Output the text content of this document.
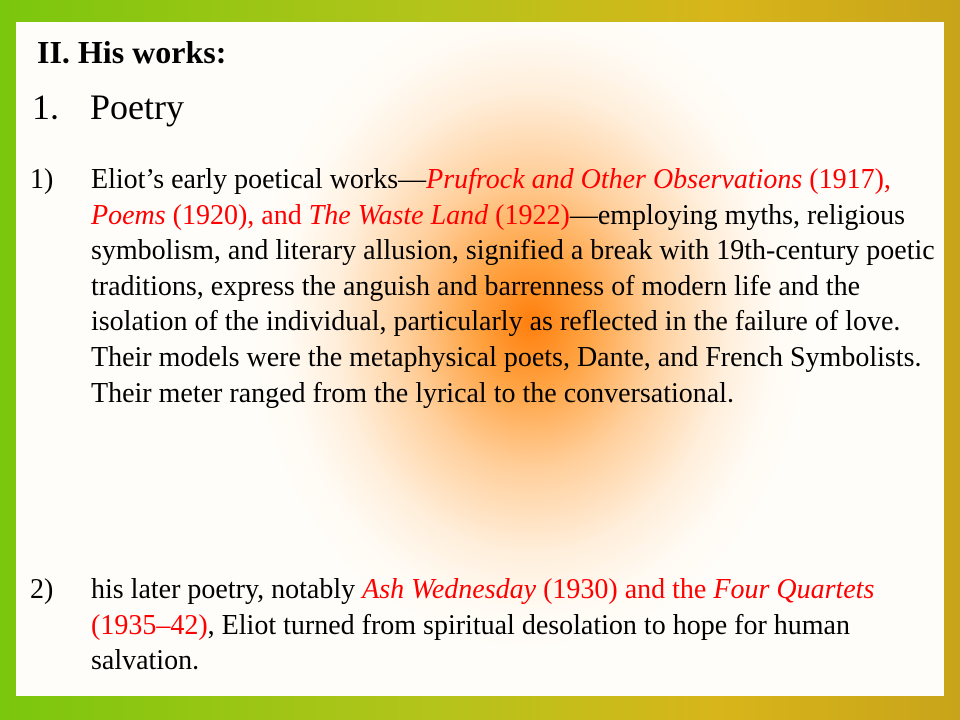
II. His works:
1. Poetry
1) Eliot’s early poetical works—Prufrock and Other Observations (1917), Poems (1920), and The Waste Land (1922)—employing myths, religious symbolism, and literary allusion, signified a break with 19th-century poetic traditions, express the anguish and barrenness of modern life and the isolation of the individual, particularly as reflected in the failure of love. Their models were the metaphysical poets, Dante, and French Symbolists. Their meter ranged from the lyrical to the conversational.
2) his later poetry, notably Ash Wednesday (1930) and the Four Quartets (1935–42), Eliot turned from spiritual desolation to hope for human salvation.
